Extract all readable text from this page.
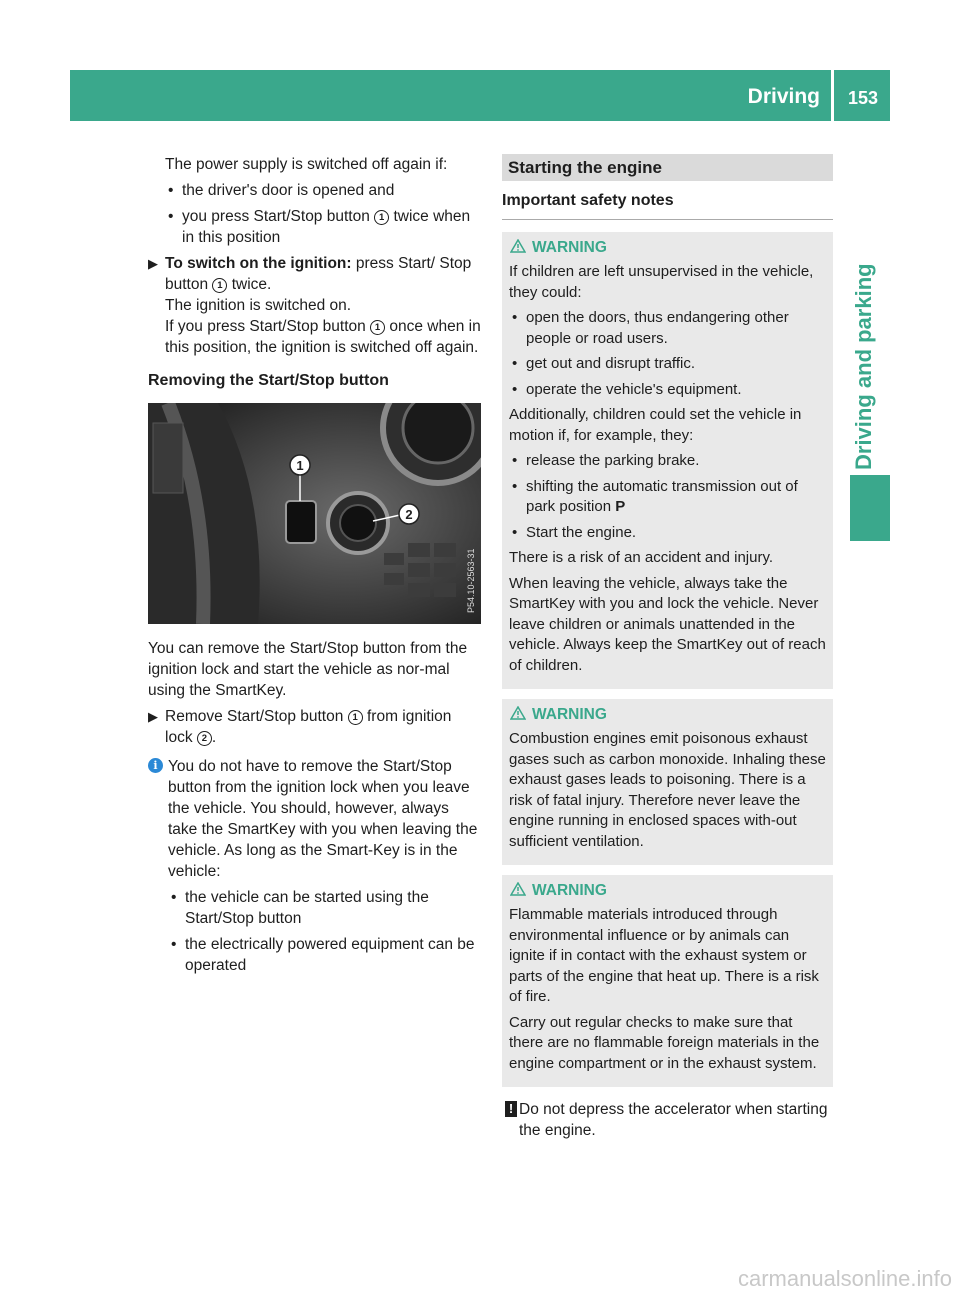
Driving	153
Driving and parking

The power supply is switched off again if:

• the driver's door is opened and
• you press Start/Stop button 1 twice when in this position
▶ To switch on the ignition: press Start/ Stop button 1 twice.
The ignition is switched on.
If you press Start/Stop button 1 once when in this position, the ignition is switched off again.
Removing the Start/Stop button
1
2
P54.10-2563-31

You can remove the Start/Stop button from the ignition lock and start the vehicle as nor-mal using the SmartKey.

▶ Remove Start/Stop button 1 from ignition lock 2 .
i You do not have to remove the Start/Stop button from the ignition lock when you leave the vehicle. You should, however, always take the SmartKey with you when leaving the vehicle. As long as the Smart-Key is in the vehicle:

• the vehicle can be started using the Start/Stop button
• the electrically powered equipment can be operated
Starting the engine
Important safety notes
WARNING

If children are left unsupervised in the vehicle, they could:

• open the doors, thus endangering other people or road users.
• get out and disrupt traffic.
• operate the vehicle's equipment.

Additionally, children could set the vehicle in motion if, for example, they:

• release the parking brake.
• shifting the automatic transmission out of park position P
• Start the engine.

There is a risk of an accident and injury.

When leaving the vehicle, always take the SmartKey with you and lock the vehicle. Never leave children or animals unattended in the vehicle. Always keep the SmartKey out of reach of children.

WARNING

Combustion engines emit poisonous exhaust gases such as carbon monoxide. Inhaling these exhaust gases leads to poisoning. There is a risk of fatal injury. Therefore never leave the engine running in enclosed spaces with-out sufficient ventilation.

WARNING

Flammable materials introduced through environmental influence or by animals can ignite if in contact with the exhaust system or parts of the engine that heat up. There is a risk of fire.

Carry out regular checks to make sure that there are no flammable foreign materials in the engine compartment or in the exhaust system.

! Do not depress the accelerator when starting the engine.
carmanualsonline.info
